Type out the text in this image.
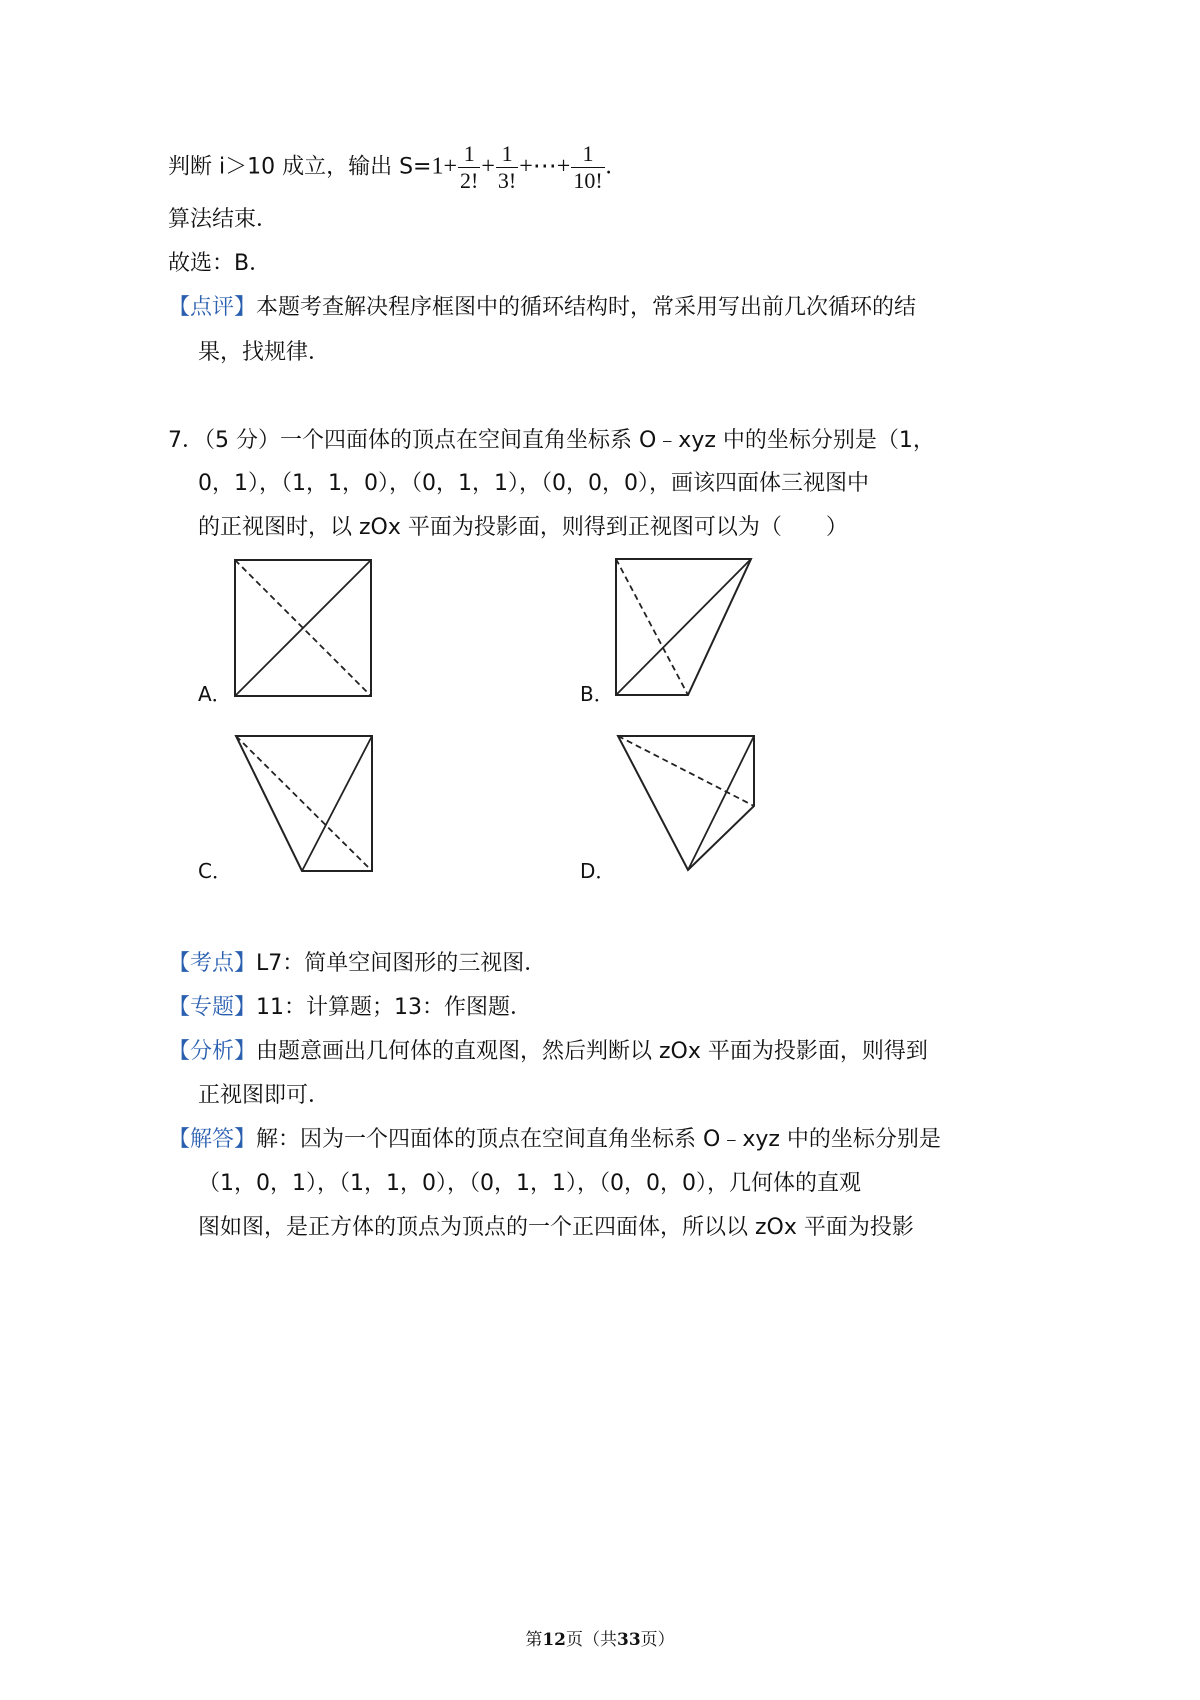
判断 i＞10 成立，输出 $S=1+ \frac{1}{2!} + \frac{1}{3!}$ +⋯+ $\frac{1}{10!}$ .
算法结束．
故选：B．
【点评】本题考查解决程序框图中的循环结构时，常采用写出前几次循环的结
果，找规律．
7．（5 分）一个四面体的顶点在空间直角坐标系 O﹣xyz 中的坐标分别是（1，
0，1），（1，1，0），（0，1，1），（0，0，0），画该四面体三视图中
的正视图时，以 zOx 平面为投影面，则得到正视图可以为（　　）
A．	B．
C．	D．
【考点】L7：简单空间图形的三视图．
【专题】11：计算题；13：作图题．
【分析】由题意画出几何体的直观图，然后判断以 zOx 平面为投影面，则得到
正视图即可．
【解答】解：因为一个四面体的顶点在空间直角坐标系 O﹣xyz 中的坐标分别是
（1，0，1），（1，1，0），（0，1，1），（0，0，0），几何体的直观
图如图，是正方体的顶点为顶点的一个正四面体，所以以 zOx 平面为投影
第12页（共33页）
